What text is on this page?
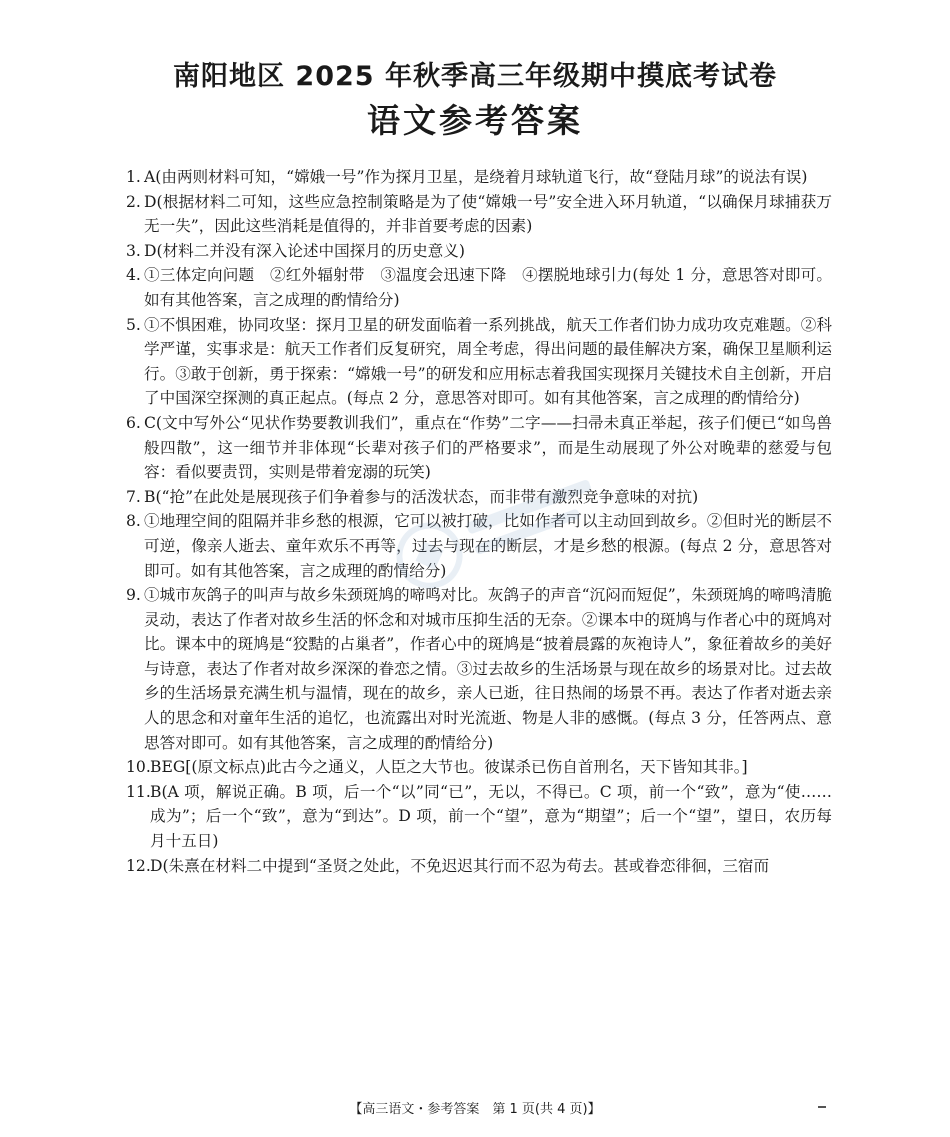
南阳地区 2025 年秋季高三年级期中摸底考试卷
语文参考答案

1. A(由两则材料可知，“嫦娥一号”作为探月卫星，是绕着月球轨道飞行，故“登陆月球”的说法有误)

2. D(根据材料二可知，这些应急控制策略是为了使“嫦娥一号”安全进入环月轨道，“以确保月球捕获万无一失”，因此这些消耗是值得的，并非首要考虑的因素)

3. D(材料二并没有深入论述中国探月的历史意义)

4. ①三体定向问题　②红外辐射带　③温度会迅速下降　④摆脱地球引力(每处 1 分，意思答对即可。如有其他答案，言之成理的酌情给分)

5. ①不惧困难，协同攻坚：探月卫星的研发面临着一系列挑战，航天工作者们协力成功攻克难题。②科学严谨，实事求是：航天工作者们反复研究，周全考虑，得出问题的最佳解决方案，确保卫星顺利运行。③敢于创新，勇于探索：“嫦娥一号”的研发和应用标志着我国实现探月关键技术自主创新，开启了中国深空探测的真正起点。(每点 2 分，意思答对即可。如有其他答案，言之成理的酌情给分)

6. C(文中写外公“见状作势要教训我们”，重点在“作势”二字——扫帚未真正举起，孩子们便已“如鸟兽般四散”，这一细节并非体现“长辈对孩子们的严格要求”，而是生动展现了外公对晚辈的慈爱与包容：看似要责罚，实则是带着宠溺的玩笑)

7. B(“抢”在此处是展现孩子们争着参与的活泼状态，而非带有激烈竞争意味的对抗)

8. ①地理空间的阻隔并非乡愁的根源，它可以被打破，比如作者可以主动回到故乡。②但时光的断层不可逆，像亲人逝去、童年欢乐不再等，过去与现在的断层，才是乡愁的根源。(每点 2 分，意思答对即可。如有其他答案，言之成理的酌情给分)

9. ①城市灰鸽子的叫声与故乡朱颈斑鸠的啼鸣对比。灰鸽子的声音“沉闷而短促”，朱颈斑鸠的啼鸣清脆灵动，表达了作者对故乡生活的怀念和对城市压抑生活的无奈。②课本中的斑鸠与作者心中的斑鸠对比。课本中的斑鸠是“狡黠的占巢者”，作者心中的斑鸠是“披着晨露的灰袍诗人”，象征着故乡的美好与诗意，表达了作者对故乡深深的眷恋之情。③过去故乡的生活场景与现在故乡的场景对比。过去故乡的生活场景充满生机与温情，现在的故乡，亲人已逝，往日热闹的场景不再。表达了作者对逝去亲人的思念和对童年生活的追忆，也流露出对时光流逝、物是人非的感慨。(每点 3 分，任答两点、意思答对即可。如有其他答案，言之成理的酌情给分)

10. BEG[(原文标点)此古今之通义，人臣之大节也。彼谋杀已伤自首刑名，天下皆知其非。]

11. B(A 项，解说正确。B 项，后一个“以”同“已”，无以，不得已。C 项，前一个“致”，意为“使……成为”；后一个“致”，意为“到达”。D 项，前一个“望”，意为“期望”；后一个“望”，望日，农历每月十五日)

12. D(朱熹在材料二中提到“圣贤之处此，不免迟迟其行而不忍为苟去。甚或眷恋徘徊，三宿而

【高三语文・参考答案　第 1 页(共 4 页)】
